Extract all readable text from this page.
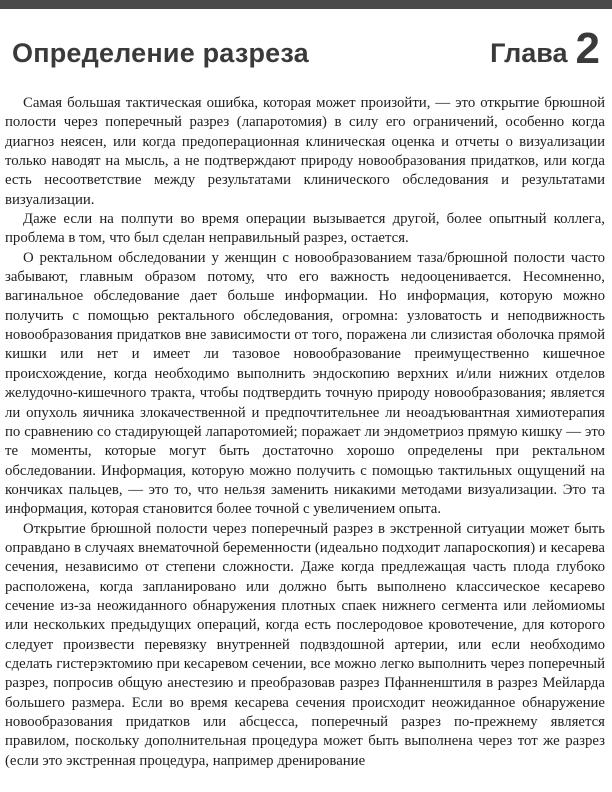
Определение разреза	Глава 2

Самая большая тактическая ошибка, которая может произойти, — это открытие брюшной полости через поперечный разрез (лапаротомия) в силу его ограничений, особенно когда диагноз неясен, или когда предоперационная клиническая оценка и отчеты о визуализации только наводят на мысль, а не подтверждают природу новообразования придатков, или когда есть несоответствие между результатами клинического обследования и результатами визуализации.

Даже если на полпути во время операции вызывается другой, более опытный коллега, проблема в том, что был сделан неправильный разрез, остается.

О ректальном обследовании у женщин с новообразованием таза/брюшной полости часто забывают, главным образом потому, что его важность недооценивается. Несомненно, вагинальное обследование дает больше информации. Но информация, которую можно получить с помощью ректального обследования, огромна: узловатость и неподвижность новообразования придатков вне зависимости от того, поражена ли слизистая оболочка прямой кишки или нет и имеет ли тазовое новообразование преимущественно кишечное происхождение, когда необходимо выполнить эндоскопию верхних и/или нижних отделов желудочно-кишечного тракта, чтобы подтвердить точную природу новообразования; является ли опухоль яичника злокачественной и предпочтительнее ли неоадъювантная химиотерапия по сравнению со стадирующей лапаротомией; поражает ли эндометриоз прямую кишку — это те моменты, которые могут быть достаточно хорошо определены при ректальном обследовании. Информация, которую можно получить с помощью тактильных ощущений на кончиках пальцев, — это то, что нельзя заменить никакими методами визуализации. Это та информация, которая становится более точной с увеличением опыта.

Открытие брюшной полости через поперечный разрез в экстренной ситуации может быть оправдано в случаях внематочной беременности (идеально подходит лапароскопия) и кесарева сечения, независимо от степени сложности. Даже когда предлежащая часть плода глубоко расположена, когда запланировано или должно быть выполнено классическое кесарево сечение из-за неожиданного обнаружения плотных спаек нижнего сегмента или лейомиомы или нескольких предыдущих операций, когда есть послеродовое кровотечение, для которого следует произвести перевязку внутренней подвздошной артерии, или если необходимо сделать гистерэктомию при кесаревом сечении, все можно легко выполнить через поперечный разрез, попросив общую анестезию и преобразовав разрез Пфанненштиля в разрез Мейларда большего размера. Если во время кесарева сечения происходит неожиданное обнаружение новообразования придатков или абсцесса, поперечный разрез по-прежнему является правилом, поскольку дополнительная процедура может быть выполнена через тот же разрез (если это экстренная процедура, например дренирование
